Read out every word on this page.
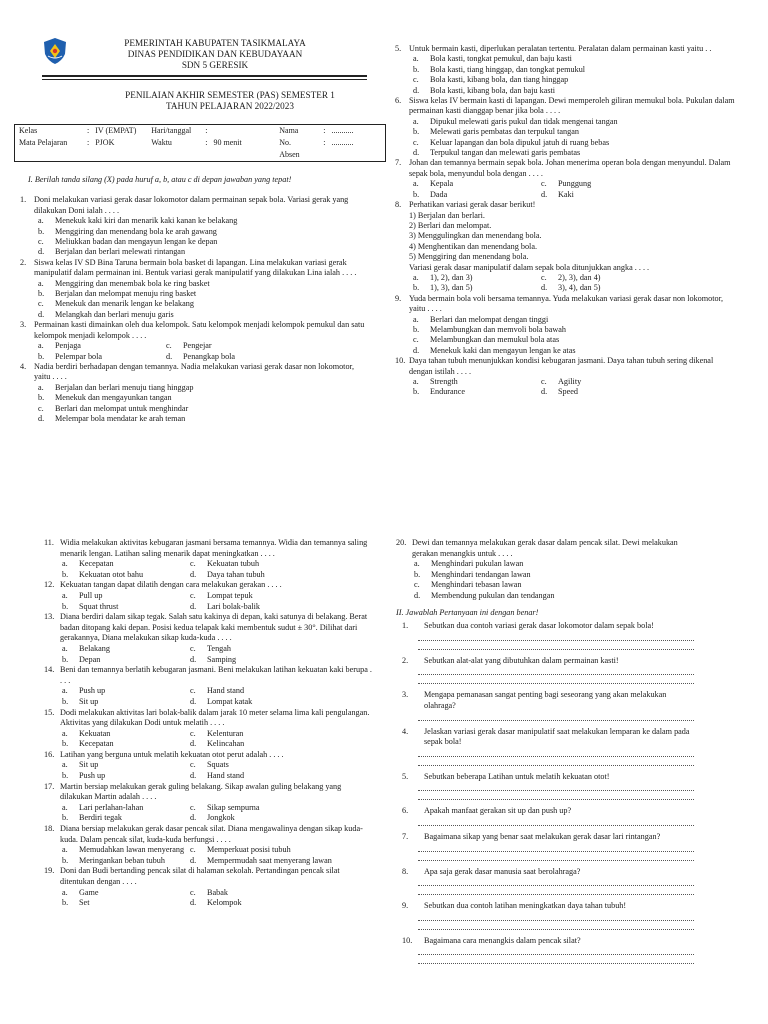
PEMERINTAH KABUPATEN TASIKMALAYA
DINAS PENDIDIKAN DAN KEBUDAYAAN
SDN 5 GERESIK
PENILAIAN AKHIR SEMESTER (PAS) SEMESTER 1
TAHUN PELAJARAN 2022/2023
Kelas	:	IV (EMPAT)	Hari/tanggal	:	Nama	:	...........
Mata Pelajaran	:	PJOK	Waktu	: 90 menit	No.	:	...........
					Absen		
I. Berilah tanda silang (X) pada huruf a, b, atau c di depan jawaban yang tepat!
1. Doni melakukan variasi gerak dasar lokomotor dalam permainan sepak bola. Variasi gerak yang dilakukan Doni ialah . . . .
a.	Menekuk kaki kiri dan menarik kaki kanan ke belakang
b.	Menggiring dan menendang bola ke arah gawang
c.	Meliukkan badan dan mengayun lengan ke depan
d.	Berjalan dan berlari melewati rintangan
2. Siswa kelas IV SD Bina Taruna bermain bola basket di lapangan. Lina melakukan variasi gerak manipulatif dalam permainan ini. Bentuk variasi gerak manipulatif yang dilakukan Lina ialah . . . .
a.	Menggiring dan menembak bola ke ring basket
b.	Berjalan dan melompat menuju ring basket
c.	Menekuk dan menarik lengan ke belakang
d.	Melangkah dan berlari menuju garis
3. Permainan kasti dimainkan oleh dua kelompok. Satu kelompok menjadi kelompok pemukul dan satu kelompok menjadi kelompok . . . .
a.	Penjaga	c.	Pengejar
b.	Pelempar bola	d.	Penangkap bola
4. Nadia berdiri berhadapan dengan temannya. Nadia melakukan variasi gerak dasar non lokomotor, yaitu . . . .
a.	Berjalan dan berlari menuju tiang hinggap
b.	Menekuk dan mengayunkan tangan
c.	Berlari dan melompat untuk menghindar
d.	Melempar bola mendatar ke arah teman
5. Untuk bermain kasti, diperlukan peralatan tertentu. Peralatan dalam permainan kasti yaitu . .
a.	Bola kasti, tongkat pemukul, dan baju kasti
b.	Bola kasti, tiang hinggap, dan tongkat pemukul
c.	Bola kasti, kibang bola, dan tiang hinggap
d.	Bola kasti, kibang bola, dan baju kasti
6. Siswa kelas IV bermain kasti di lapangan. Dewi memperoleh giliran memukul bola. Pukulan dalam permainan kasti dianggap benar jika bola . . . .
a.	Dipukul melewati garis pukul dan tidak mengenai tangan
b.	Melewati garis pembatas dan terpukul tangan
c.	Keluar lapangan dan bola dipukul jatuh di ruang bebas
d.	Terpukul tangan dan melewati garis pembatas
7. Johan dan temannya bermain sepak bola. Johan menerima operan bola dengan menyundul. Dalam sepak bola, menyundul bola dengan . . . .
a.	Kepala	c.	Punggung
b.	Dada	d.	Kaki
8. Perhatikan variasi gerak dasar berikut!
1) Berjalan dan berlari.
2) Berlari dan melompat.
3) Menggulingkan dan menendang bola.
4) Menghentikan dan menendang bola.
5) Menggiring dan menendang bola.
Variasi gerak dasar manipulatif dalam sepak bola ditunjukkan angka . . . .
a.	1), 2), dan 3)	c.	2), 3), dan 4)
b.	1), 3), dan 5)	d.	3), 4), dan 5)
9. Yuda bermain bola voli bersama temannya. Yuda melakukan variasi gerak dasar non lokomotor, yaitu . . . .
a.	Berlari dan melompat dengan tinggi
b.	Melambungkan dan memvoli bola bawah
c.	Melambungkan dan memukul bola atas
d.	Menekuk kaki dan mengayun lengan ke atas
10. Daya tahan tubuh menunjukkan kondisi kebugaran jasmani. Daya tahan tubuh sering dikenal dengan istilah . . . .
a.	Strength	c.	Agility
b.	Endurance	d.	Speed
11. Widia melakukan aktivitas kebugaran jasmani bersama temannya. Widia dan temannya saling menarik lengan. Latihan saling menarik dapat meningkatkan . . . .
a.	Kecepatan	c.	Kekuatan tubuh
b.	Kekuatan otot bahu	d.	Daya tahan tubuh
12. Kekuatan tangan dapat dilatih dengan cara melakukan gerakan . . . .
a.	Pull up	c.	Lompat tepuk
b.	Squat thrust	d.	Lari bolak-balik
13. Diana berdiri dalam sikap tegak. Salah satu kakinya di depan, kaki satunya di belakang. Berat badan ditopang kaki depan. Posisi kedua telapak kaki membentuk sudut ± 30°. Dilihat dari gerakannya, Diana melakukan sikap kuda-kuda . . . .
a.	Belakang	c.	Tengah
b.	Depan	d.	Samping
14. Beni dan temannya berlatih kebugaran jasmani. Beni melakukan latihan kekuatan kaki berupa . . . .
a.	Push up	c.	Hand stand
b.	Sit up	d.	Lompat katak
15. Dodi melakukan aktivitas lari bolak-balik dalam jarak 10 meter selama lima kali pengulangan. Aktivitas yang dilakukan Dodi untuk melatih . . . .
a.	Kekuatan	c.	Kelenturan
b.	Kecepatan	d.	Kelincahan
16. Latihan yang berguna untuk melatih kekuatan otot perut adalah . . . .
a.	Sit up	c.	Squats
b.	Push up	d.	Hand stand
17. Martin bersiap melakukan gerak guling belakang. Sikap awalan guling belakang yang dilakukan Martin adalah . . . .
a.	Lari perlahan-lahan	c.	Sikap sempurna
b.	Berdiri tegak	d.	Jongkok
18. Diana bersiap melakukan gerak dasar pencak silat. Diana mengawalinya dengan sikap kuda-kuda. Dalam pencak silat, kuda-kuda berfungsi . . . .
a.	Memudahkan lawan menyerang c.	Memperkuat posisi tubuh
b.	Meringankan beban tubuh	d.	Mempermudah saat menyerang lawan
19. Doni dan Budi bertanding pencak silat di halaman sekolah. Pertandingan pencak silat ditentukan dengan . . . .
a.	Game	c.	Babak
b.	Set	d.	Kelompok
20. Dewi dan temannya melakukan gerak dasar dalam pencak silat. Dewi melakukan gerakan menangkis untuk . . . .
a.	Menghindari pukulan lawan
b.	Menghindari tendangan lawan
c.	Menghindari tebasan lawan
d.	Membendung pukulan dan tendangan
II. Jawablah Pertanyaan ini dengan benar!
1.	Sebutkan dua contoh variasi gerak dasar lokomotor dalam sepak bola!
2.	Sebutkan alat-alat yang dibutuhkan dalam permainan kasti!
3.	Mengapa pemanasan sangat penting bagi seseorang yang akan melakukan olahraga?
4.	Jelaskan variasi gerak dasar manipulatif saat melakukan lemparan ke dalam pada sepak bola!
5.	Sebutkan beberapa Latihan untuk melatih kekuatan otot!
6.	Apakah manfaat gerakan sit up dan push up?
7.	Bagaimana sikap yang benar saat melakukan gerak dasar lari rintangan?
8.	Apa saja gerak dasar manusia saat berolahraga?
9.	Sebutkan dua contoh latihan meningkatkan daya tahan tubuh!
10.	Bagaimana cara menangkis dalam pencak silat?
